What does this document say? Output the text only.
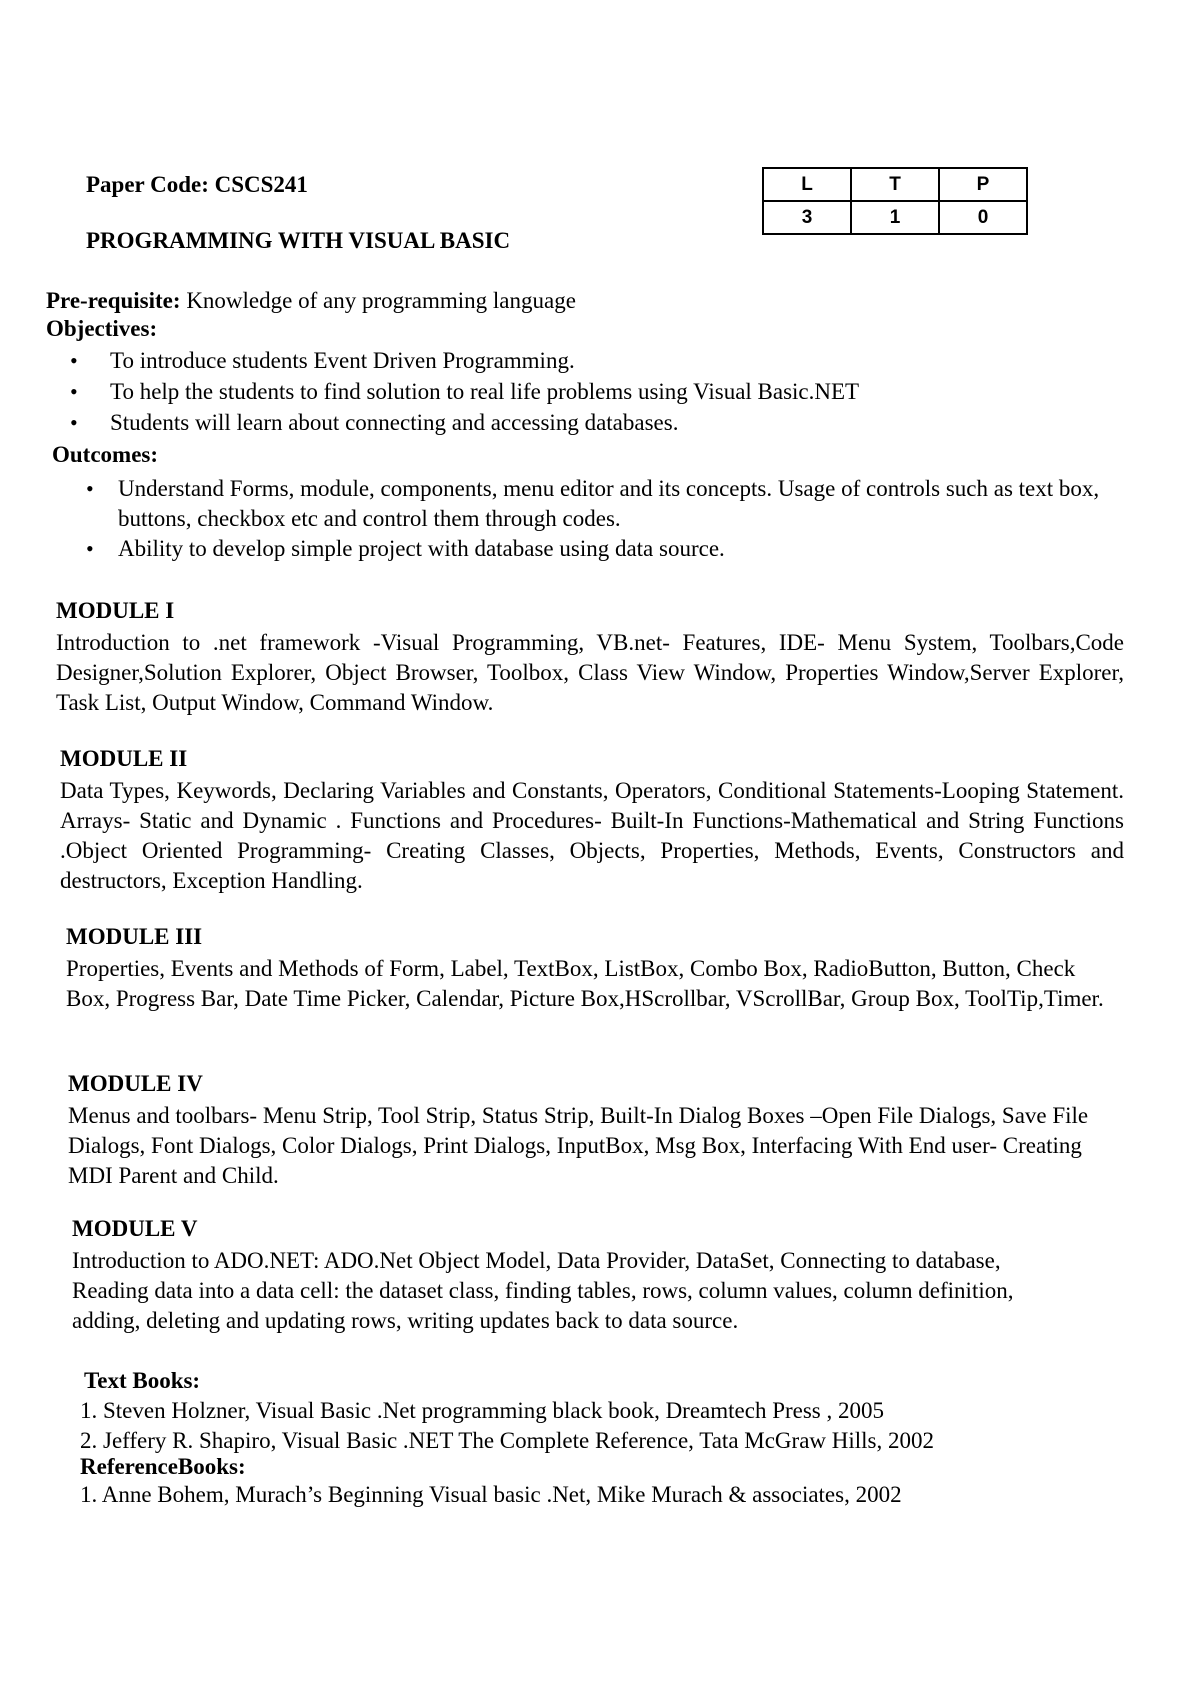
Paper Code: CSCS241
PROGRAMMING WITH VISUAL BASIC
L	T	P
3	1	0
Pre-requisite: Knowledge of any programming language
Objectives:
• To introduce students Event Driven Programming.
• To help the students to find solution to real life problems using Visual Basic.NET
• Students will learn about connecting and accessing databases.
Outcomes:
• Understand Forms, module, components, menu editor and its concepts. Usage of controls such as text box, buttons, checkbox etc and control them through codes.
• Ability to develop simple project with database using data source.
MODULE I
Introduction to .net framework -Visual Programming, VB.net- Features, IDE- Menu System, Toolbars,Code Designer,Solution Explorer, Object Browser, Toolbox, Class View Window, Properties Window,Server Explorer, Task List, Output Window, Command Window.
MODULE II
Data Types, Keywords, Declaring Variables and Constants, Operators, Conditional Statements-Looping Statement. Arrays- Static and Dynamic . Functions and Procedures- Built-In Functions-Mathematical and String Functions .Object Oriented Programming- Creating Classes, Objects, Properties, Methods, Events, Constructors and destructors, Exception Handling.
MODULE III
Properties, Events and Methods of Form, Label, TextBox, ListBox, Combo Box, RadioButton, Button, Check Box, Progress Bar, Date Time Picker, Calendar, Picture Box,HScrollbar, VScrollBar, Group Box, ToolTip,Timer.
MODULE IV
Menus and toolbars- Menu Strip, Tool Strip, Status Strip, Built-In Dialog Boxes –Open File Dialogs, Save File Dialogs, Font Dialogs, Color Dialogs, Print Dialogs, InputBox, Msg Box, Interfacing With End user- Creating MDI Parent and Child.
MODULE V
Introduction to ADO.NET: ADO.Net Object Model, Data Provider, DataSet, Connecting to database, Reading data into a data cell: the dataset class, finding tables, rows, column values, column definition, adding, deleting and updating rows, writing updates back to data source.
Text Books:
1. Steven Holzner, Visual Basic .Net programming black book, Dreamtech Press , 2005
2. Jeffery R. Shapiro, Visual Basic .NET The Complete Reference, Tata McGraw Hills, 2002
ReferenceBooks:
1. Anne Bohem, Murach’s Beginning Visual basic .Net, Mike Murach & associates, 2002
